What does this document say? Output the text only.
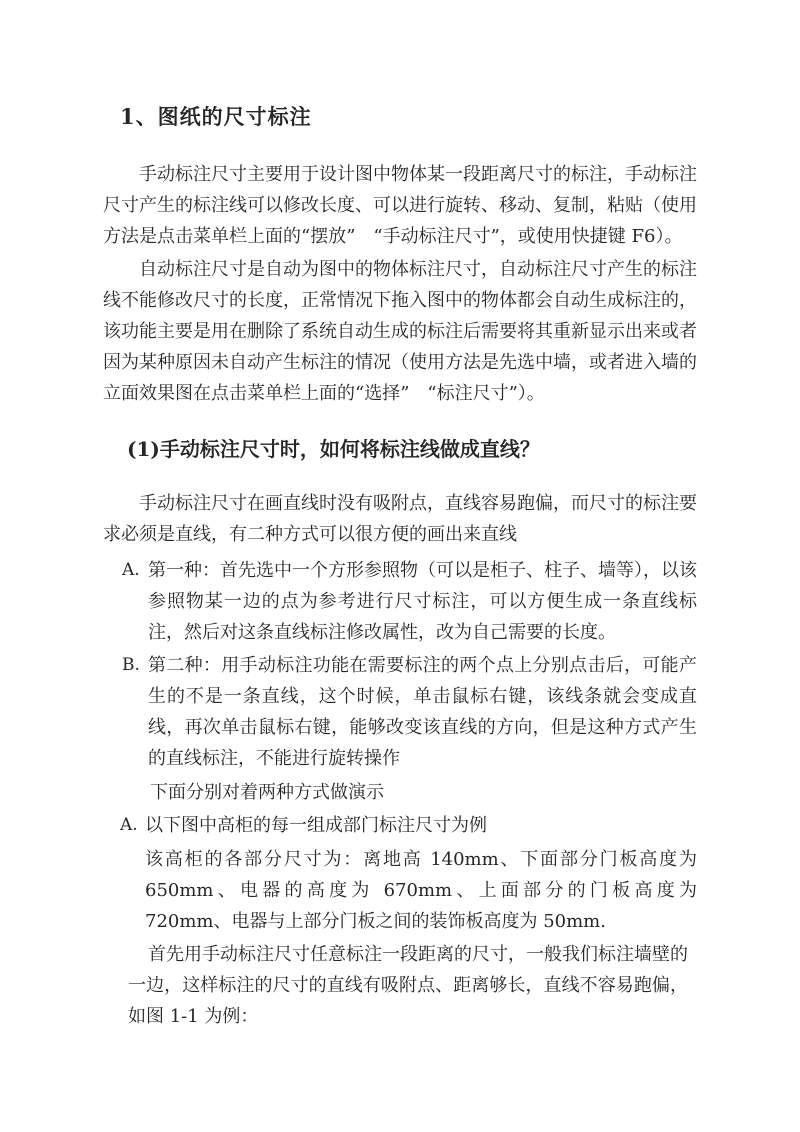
1、图纸的尺寸标注

手动标注尺寸主要用于设计图中物体某一段距离尺寸的标注，手动标注尺寸产生的标注线可以修改长度、可以进行旋转、移动、复制，粘贴（使用方法是点击菜单栏上面的“摆放”　“手动标注尺寸”，或使用快捷键 F6）。

自动标注尺寸是自动为图中的物体标注尺寸，自动标注尺寸产生的标注线不能修改尺寸的长度，正常情况下拖入图中的物体都会自动生成标注的，该功能主要是用在删除了系统自动生成的标注后需要将其重新显示出来或者因为某种原因未自动产生标注的情况（使用方法是先选中墙，或者进入墙的立面效果图在点击菜单栏上面的“选择”　“标注尺寸”）。

(1)手动标注尺寸时，如何将标注线做成直线？

手动标注尺寸在画直线时没有吸附点，直线容易跑偏，而尺寸的标注要求必须是直线，有二种方式可以很方便的画出来直线

A. 第一种：首先选中一个方形参照物（可以是柜子、柱子、墙等），以该参照物某一边的点为参考进行尺寸标注，可以方便生成一条直线标注，然后对这条直线标注修改属性，改为自己需要的长度。
B. 第二种：用手动标注功能在需要标注的两个点上分别点击后，可能产生的不是一条直线，这个时候，单击鼠标右键，该线条就会变成直线，再次单击鼠标右键，能够改变该直线的方向，但是这种方式产生的直线标注，不能进行旋转操作

下面分别对着两种方式做演示

A. 以下图中高柜的每一组成部门标注尺寸为例

该高柜的各部分尺寸为：离地高 140mm、下面部分门板高度为 650mm、电器的高度为 670mm、上面部分的门板高度为 720mm、电器与上部分门板之间的装饰板高度为 50mm.

首先用手动标注尺寸任意标注一段距离的尺寸，一般我们标注墙壁的一边，这样标注的尺寸的直线有吸附点、距离够长，直线不容易跑偏，如图 1-1 为例：
